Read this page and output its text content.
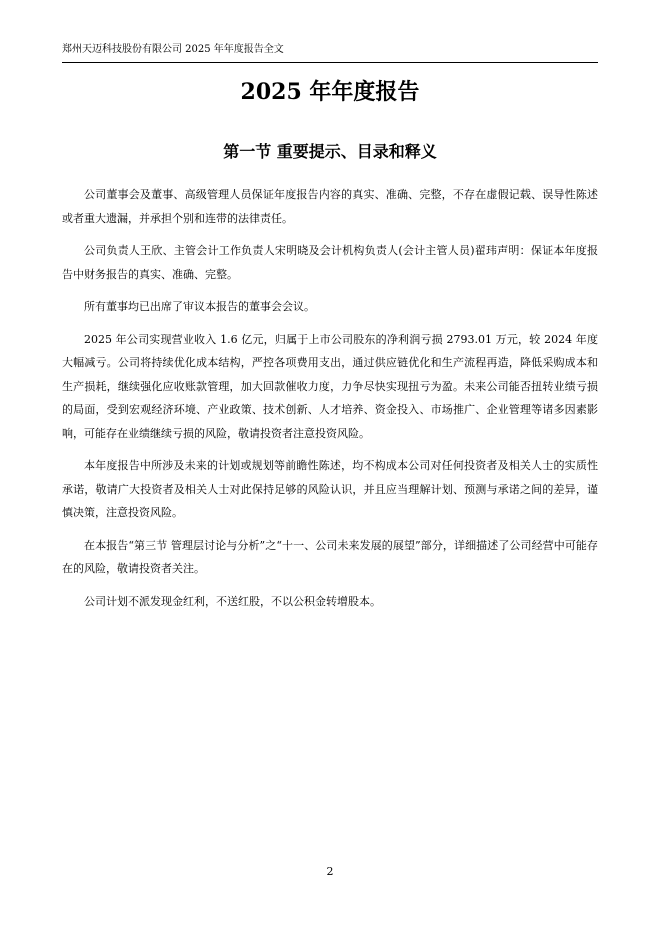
郑州天迈科技股份有限公司 2025 年年度报告全文
2025 年年度报告
第一节 重要提示、目录和释义

公司董事会及董事、高级管理人员保证年度报告内容的真实、准确、完整，不存在虚假记载、误导性陈述或者重大遗漏，并承担个别和连带的法律责任。

公司负责人王欣、主管会计工作负责人宋明晓及会计机构负责人(会计主管人员)翟玮声明：保证本年度报告中财务报告的真实、准确、完整。

所有董事均已出席了审议本报告的董事会会议。

2025 年公司实现营业收入 1.6 亿元，归属于上市公司股东的净利润亏损 2793.01 万元，较 2024 年度大幅减亏。公司将持续优化成本结构，严控各项费用支出，通过供应链优化和生产流程再造，降低采购成本和生产损耗，继续强化应收账款管理，加大回款催收力度，力争尽快实现扭亏为盈。未来公司能否扭转业绩亏损的局面，受到宏观经济环境、产业政策、技术创新、人才培养、资金投入、市场推广、企业管理等诸多因素影响，可能存在业绩继续亏损的风险，敬请投资者注意投资风险。

本年度报告中所涉及未来的计划或规划等前瞻性陈述，均不构成本公司对任何投资者及相关人士的实质性承诺，敬请广大投资者及相关人士对此保持足够的风险认识，并且应当理解计划、预测与承诺之间的差异，谨慎决策，注意投资风险。

在本报告“第三节 管理层讨论与分析”之“十一、公司未来发展的展望”部分，详细描述了公司经营中可能存在的风险，敬请投资者关注。

公司计划不派发现金红利，不送红股，不以公积金转增股本。

2
